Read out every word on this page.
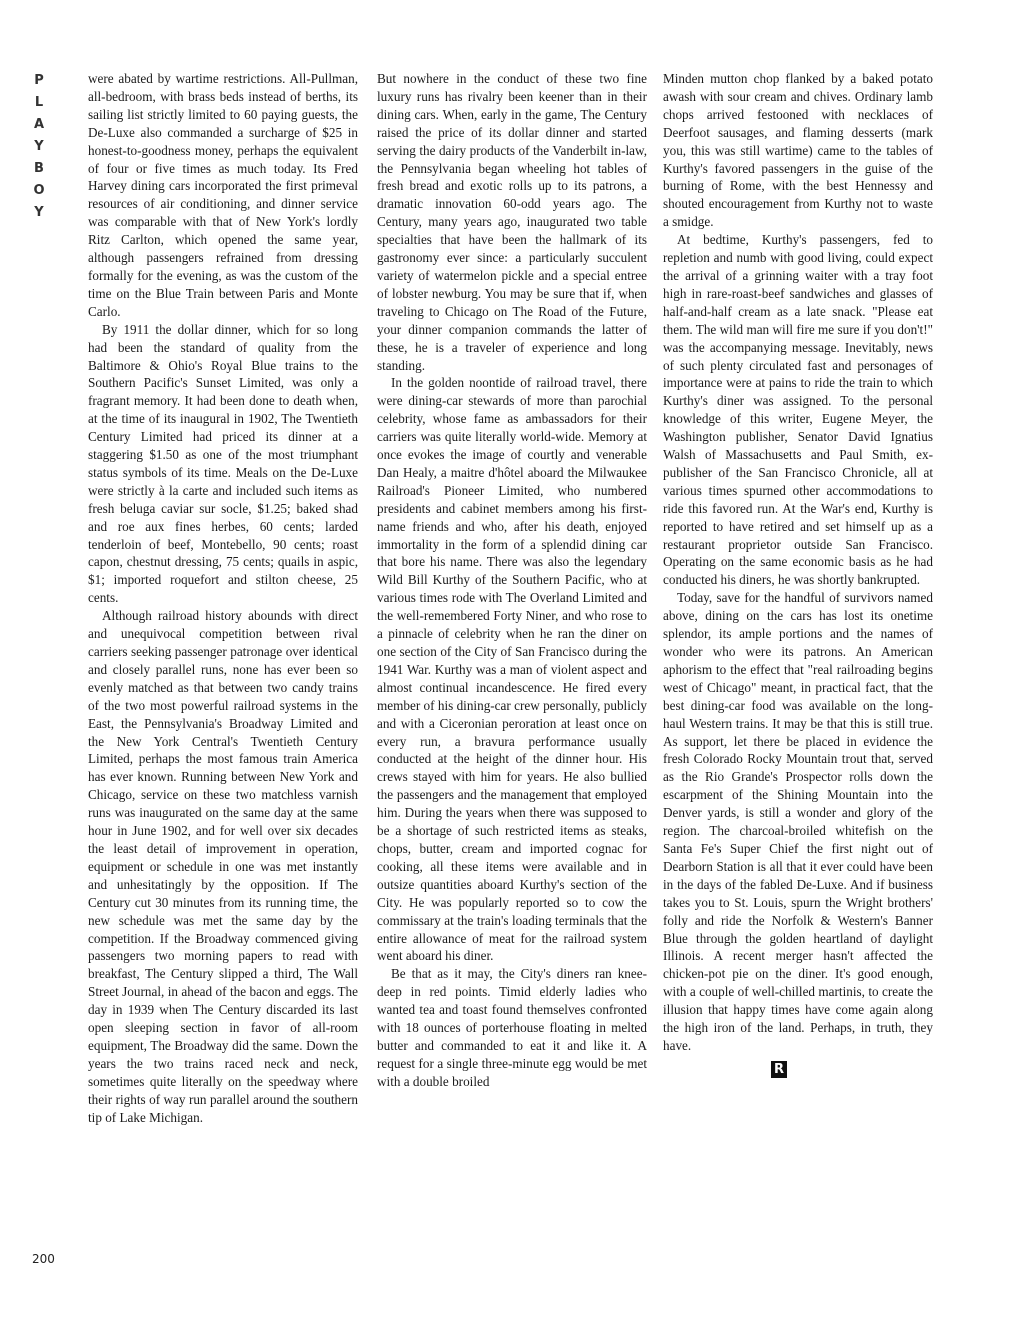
P
L
A
Y
B
O
Y

were abated by wartime restrictions. All-Pullman, all-bedroom, with brass beds instead of berths, its sailing list strictly limited to 60 paying guests, the De-Luxe also commanded a surcharge of $25 in honest-to-goodness money, perhaps the equivalent of four or five times as much today. Its Fred Harvey dining cars incorporated the first primeval resources of air conditioning, and dinner service was comparable with that of New York's lordly Ritz Carlton, which opened the same year, although passengers refrained from dressing formally for the evening, as was the custom of the time on the Blue Train between Paris and Monte Carlo.

By 1911 the dollar dinner, which for so long had been the standard of quality from the Baltimore & Ohio's Royal Blue trains to the Southern Pacific's Sunset Limited, was only a fragrant memory. It had been done to death when, at the time of its inaugural in 1902, The Twentieth Century Limited had priced its dinner at a staggering $1.50 as one of the most triumphant status symbols of its time. Meals on the De-Luxe were strictly à la carte and included such items as fresh beluga caviar sur socle, $1.25; baked shad and roe aux fines herbes, 60 cents; larded tenderloin of beef, Montebello, 90 cents; roast capon, chestnut dressing, 75 cents; quails in aspic, $1; imported roquefort and stilton cheese, 25 cents.

Although railroad history abounds with direct and unequivocal competition between rival carriers seeking passenger patronage over identical and closely parallel runs, none has ever been so evenly matched as that between two candy trains of the two most powerful railroad systems in the East, the Pennsylvania's Broadway Limited and the New York Central's Twentieth Century Limited, perhaps the most famous train America has ever known. Running between New York and Chicago, service on these two matchless varnish runs was inaugurated on the same day at the same hour in June 1902, and for well over six decades the least detail of improvement in operation, equipment or schedule in one was met instantly and unhesitatingly by the opposition. If The Century cut 30 minutes from its running time, the new schedule was met the same day by the competition. If the Broadway commenced giving passengers two morning papers to read with breakfast, The Century slipped a third, The Wall Street Journal, in ahead of the bacon and eggs. The day in 1939 when The Century discarded its last open sleeping section in favor of all-room equipment, The Broadway did the same. Down the years the two trains raced neck and neck, sometimes quite literally on the speedway where their rights of way run parallel around the southern tip of Lake Michigan.

But nowhere in the conduct of these two fine luxury runs has rivalry been keener than in their dining cars. When, early in the game, The Century raised the price of its dollar dinner and started serving the dairy products of the Vanderbilt in-law, the Pennsylvania began wheeling hot tables of fresh bread and exotic rolls up to its patrons, a dramatic innovation 60-odd years ago. The Century, many years ago, inaugurated two table specialties that have been the hallmark of its gastronomy ever since: a particularly succulent variety of watermelon pickle and a special entree of lobster newburg. You may be sure that if, when traveling to Chicago on The Road of the Future, your dinner companion commands the latter of these, he is a traveler of experience and long standing.

In the golden noontide of railroad travel, there were dining-car stewards of more than parochial celebrity, whose fame as ambassadors for their carriers was quite literally world-wide. Memory at once evokes the image of courtly and venerable Dan Healy, a maitre d'hôtel aboard the Milwaukee Railroad's Pioneer Limited, who numbered presidents and cabinet members among his first-name friends and who, after his death, enjoyed immortality in the form of a splendid dining car that bore his name. There was also the legendary Wild Bill Kurthy of the Southern Pacific, who at various times rode with The Overland Limited and the well-remembered Forty Niner, and who rose to a pinnacle of celebrity when he ran the diner on one section of the City of San Francisco during the 1941 War. Kurthy was a man of violent aspect and almost continual incandescence. He fired every member of his dining-car crew personally, publicly and with a Ciceronian peroration at least once on every run, a bravura performance usually conducted at the height of the dinner hour. His crews stayed with him for years. He also bullied the passengers and the management that employed him. During the years when there was supposed to be a shortage of such restricted items as steaks, chops, butter, cream and imported cognac for cooking, all these items were available and in outsize quantities aboard Kurthy's section of the City. He was popularly reported so to cow the commissary at the train's loading terminals that the entire allowance of meat for the railroad system went aboard his diner.

Be that as it may, the City's diners ran knee-deep in red points. Timid elderly ladies who wanted tea and toast found themselves confronted with 18 ounces of porterhouse floating in melted butter and commanded to eat it and like it. A request for a single three-minute egg would be met with a double broiled

Minden mutton chop flanked by a baked potato awash with sour cream and chives. Ordinary lamb chops arrived festooned with necklaces of Deerfoot sausages, and flaming desserts (mark you, this was still wartime) came to the tables of Kurthy's favored passengers in the guise of the burning of Rome, with the best Hennessy and shouted encouragement from Kurthy not to waste a smidge.

At bedtime, Kurthy's passengers, fed to repletion and numb with good living, could expect the arrival of a grinning waiter with a tray foot high in rare-roast-beef sandwiches and glasses of half-and-half cream as a late snack. "Please eat them. The wild man will fire me sure if you don't!" was the accompanying message. Inevitably, news of such plenty circulated fast and personages of importance were at pains to ride the train to which Kurthy's diner was assigned. To the personal knowledge of this writer, Eugene Meyer, the Washington publisher, Senator David Ignatius Walsh of Massachusetts and Paul Smith, ex-publisher of the San Francisco Chronicle, all at various times spurned other accommodations to ride this favored run. At the War's end, Kurthy is reported to have retired and set himself up as a restaurant proprietor outside San Francisco. Operating on the same economic basis as he had conducted his diners, he was shortly bankrupted.

Today, save for the handful of survivors named above, dining on the cars has lost its onetime splendor, its ample portions and the names of wonder who were its patrons. An American aphorism to the effect that "real railroading begins west of Chicago" meant, in practical fact, that the best dining-car food was available on the long-haul Western trains. It may be that this is still true. As support, let there be placed in evidence the fresh Colorado Rocky Mountain trout that, served as the Rio Grande's Prospector rolls down the escarpment of the Shining Mountain into the Denver yards, is still a wonder and glory of the region. The charcoal-broiled whitefish on the Santa Fe's Super Chief the first night out of Dearborn Station is all that it ever could have been in the days of the fabled De-Luxe. And if business takes you to St. Louis, spurn the Wright brothers' folly and ride the Norfolk & Western's Banner Blue through the golden heartland of daylight Illinois. A recent merger hasn't affected the chicken-pot pie on the diner. It's good enough, with a couple of well-chilled martinis, to create the illusion that happy times have come again along the high iron of the land. Perhaps, in truth, they have.

R
200
